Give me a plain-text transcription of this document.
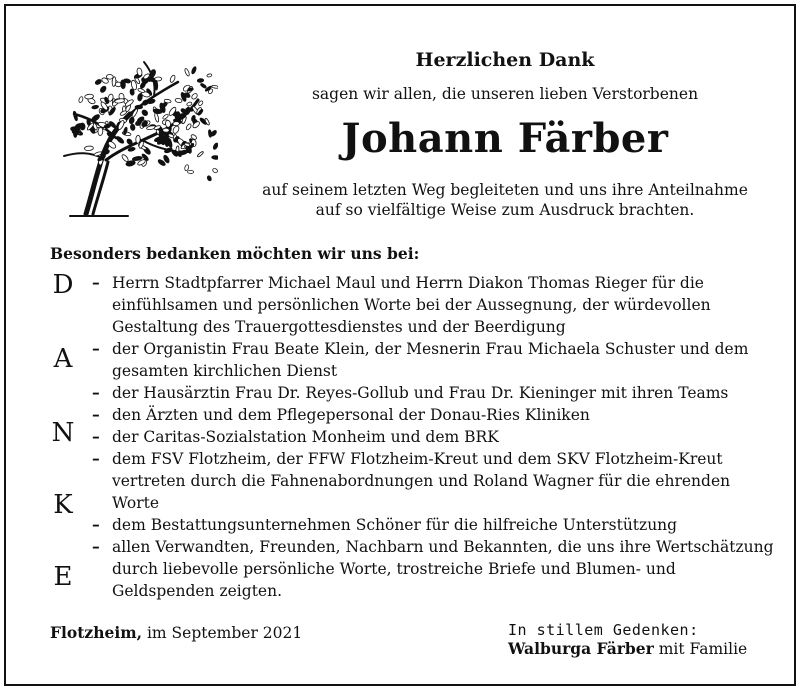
Herzlichen Dank
sagen wir allen, die unseren lieben Verstorbenen
Johann Färber
auf seinem letzten Weg begleiteten und uns ihre Anteilnahme
auf so vielfältige Weise zum Ausdruck brachten.
Besonders bedanken möchten wir uns bei:
D
A
N
K
E
– Herrn Stadtpfarrer Michael Maul und Herrn Diakon Thomas Rieger für die einfühlsamen und persönlichen Worte bei der Aussegnung, der würdevollen Gestaltung des Trauergottesdienstes und der Beerdigung
– der Organistin Frau Beate Klein, der Mesnerin Frau Michaela Schuster und dem gesamten kirchlichen Dienst
– der Hausärztin Frau Dr. Reyes-Gollub und Frau Dr. Kieninger mit ihren Teams
– den Ärzten und dem Pflegepersonal der Donau-Ries Kliniken
– der Caritas-Sozialstation Monheim und dem BRK
– dem FSV Flotzheim, der FFW Flotzheim-Kreut und dem SKV Flotzheim-Kreut vertreten durch die Fahnenabordnungen und Roland Wagner für die ehrenden Worte
– dem Bestattungsunternehmen Schöner für die hilfreiche Unterstützung
– allen Verwandten, Freunden, Nachbarn und Bekannten, die uns ihre Wertschätzung durch liebevolle persönliche Worte, trostreiche Briefe und Blumen- und Geldspenden zeigten.
Flotzheim, im September 2021	In stillem Gedenken:
Walburga Färber mit Familie
